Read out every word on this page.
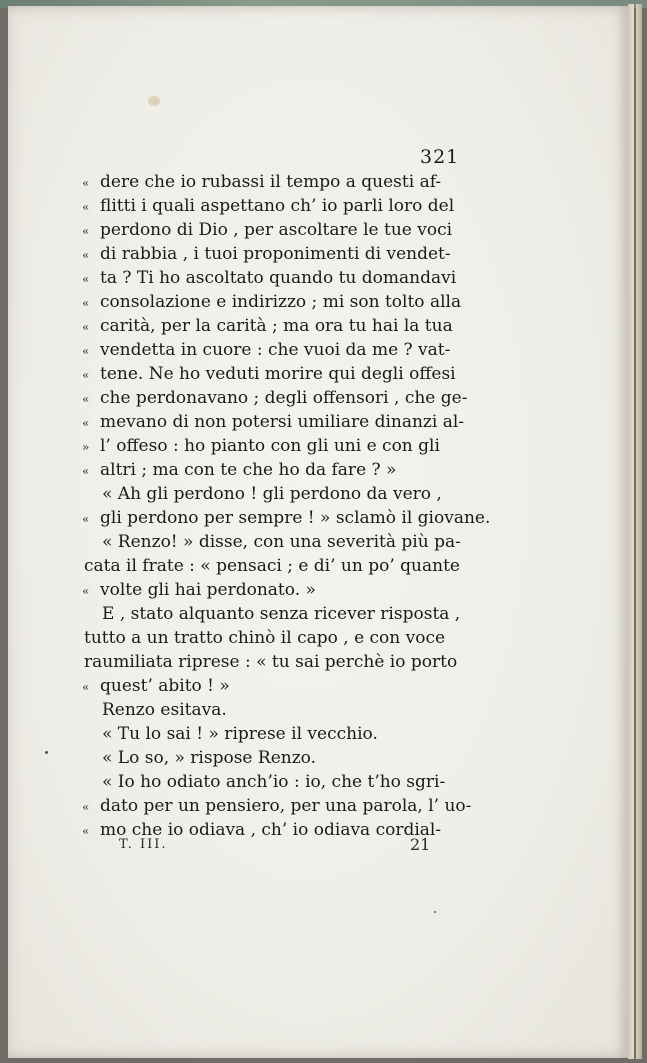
321
« dere che io rubassi il tempo a questi af-
« flitti i quali aspettano ch’ io parli loro del
« perdono di Dio , per ascoltare le tue voci
« di rabbia , i tuoi proponimenti di vendet-
« ta ? Ti ho ascoltato quando tu domandavi
« consolazione e indirizzo ; mi son tolto alla
« carità, per la carità ; ma ora tu hai la tua
« vendetta in cuore : che vuoi da me ? vat-
« tene. Ne ho veduti morire qui degli offesi
« che perdonavano ; degli offensori , che ge-
« mevano di non potersi umiliare dinanzi al-
» l’ offeso : ho pianto con gli uni e con gli
« altri ; ma con te che ho da fare ? »
« Ah gli perdono ! gli perdono da vero ,
« gli perdono per sempre ! » sclamò il giovane.
« Renzo! » disse, con una severità più pa-
cata il frate : « pensaci ; e di’ un po’ quante
« volte gli hai perdonato. »
E , stato alquanto senza ricever risposta ,
tutto a un tratto chinò il capo , e con voce
raumiliata riprese : « tu sai perchè io porto
« quest’ abito ! »
Renzo esitava.
« Tu lo sai ! » riprese il vecchio.
« Lo so, » rispose Renzo.
« Io ho odiato anch’io : io, che t’ho sgri-
« dato per un pensiero, per una parola, l’ uo-
« mo che io odiava , ch’ io odiava cordial-
T. III.	21
